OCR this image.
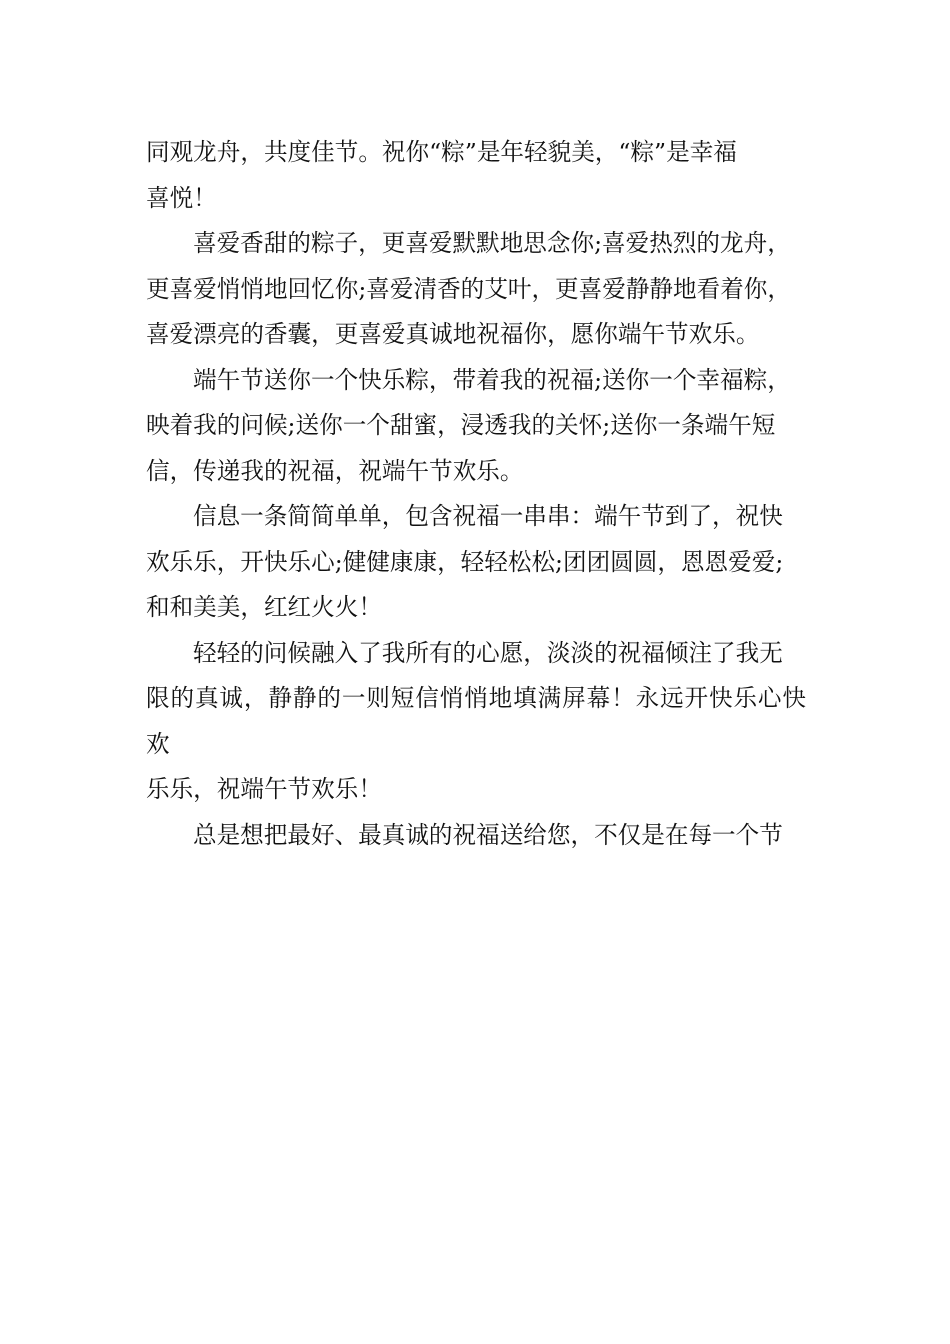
同观龙舟，共度佳节。祝你“粽”是年轻貌美，“粽”是幸福
喜悦！
喜爱香甜的粽子，更喜爱默默地思念你;喜爱热烈的龙舟，
更喜爱悄悄地回忆你;喜爱清香的艾叶，更喜爱静静地看着你，
喜爱漂亮的香囊，更喜爱真诚地祝福你，愿你端午节欢乐。
端午节送你一个快乐粽，带着我的祝福;送你一个幸福粽，
映着我的问候;送你一个甜蜜，浸透我的关怀;送你一条端午短
信，传递我的祝福，祝端午节欢乐。
信息一条简简单单，包含祝福一串串：端午节到了，祝快
欢乐乐，开快乐心;健健康康，轻轻松松;团团圆圆，恩恩爱爱;
和和美美，红红火火！
轻轻的问候融入了我所有的心愿，淡淡的祝福倾注了我无
限的真诚，静静的一则短信悄悄地填满屏幕！永远开快乐心快欢
乐乐，祝端午节欢乐！
总是想把最好、最真诚的祝福送给您，不仅是在每一个节
